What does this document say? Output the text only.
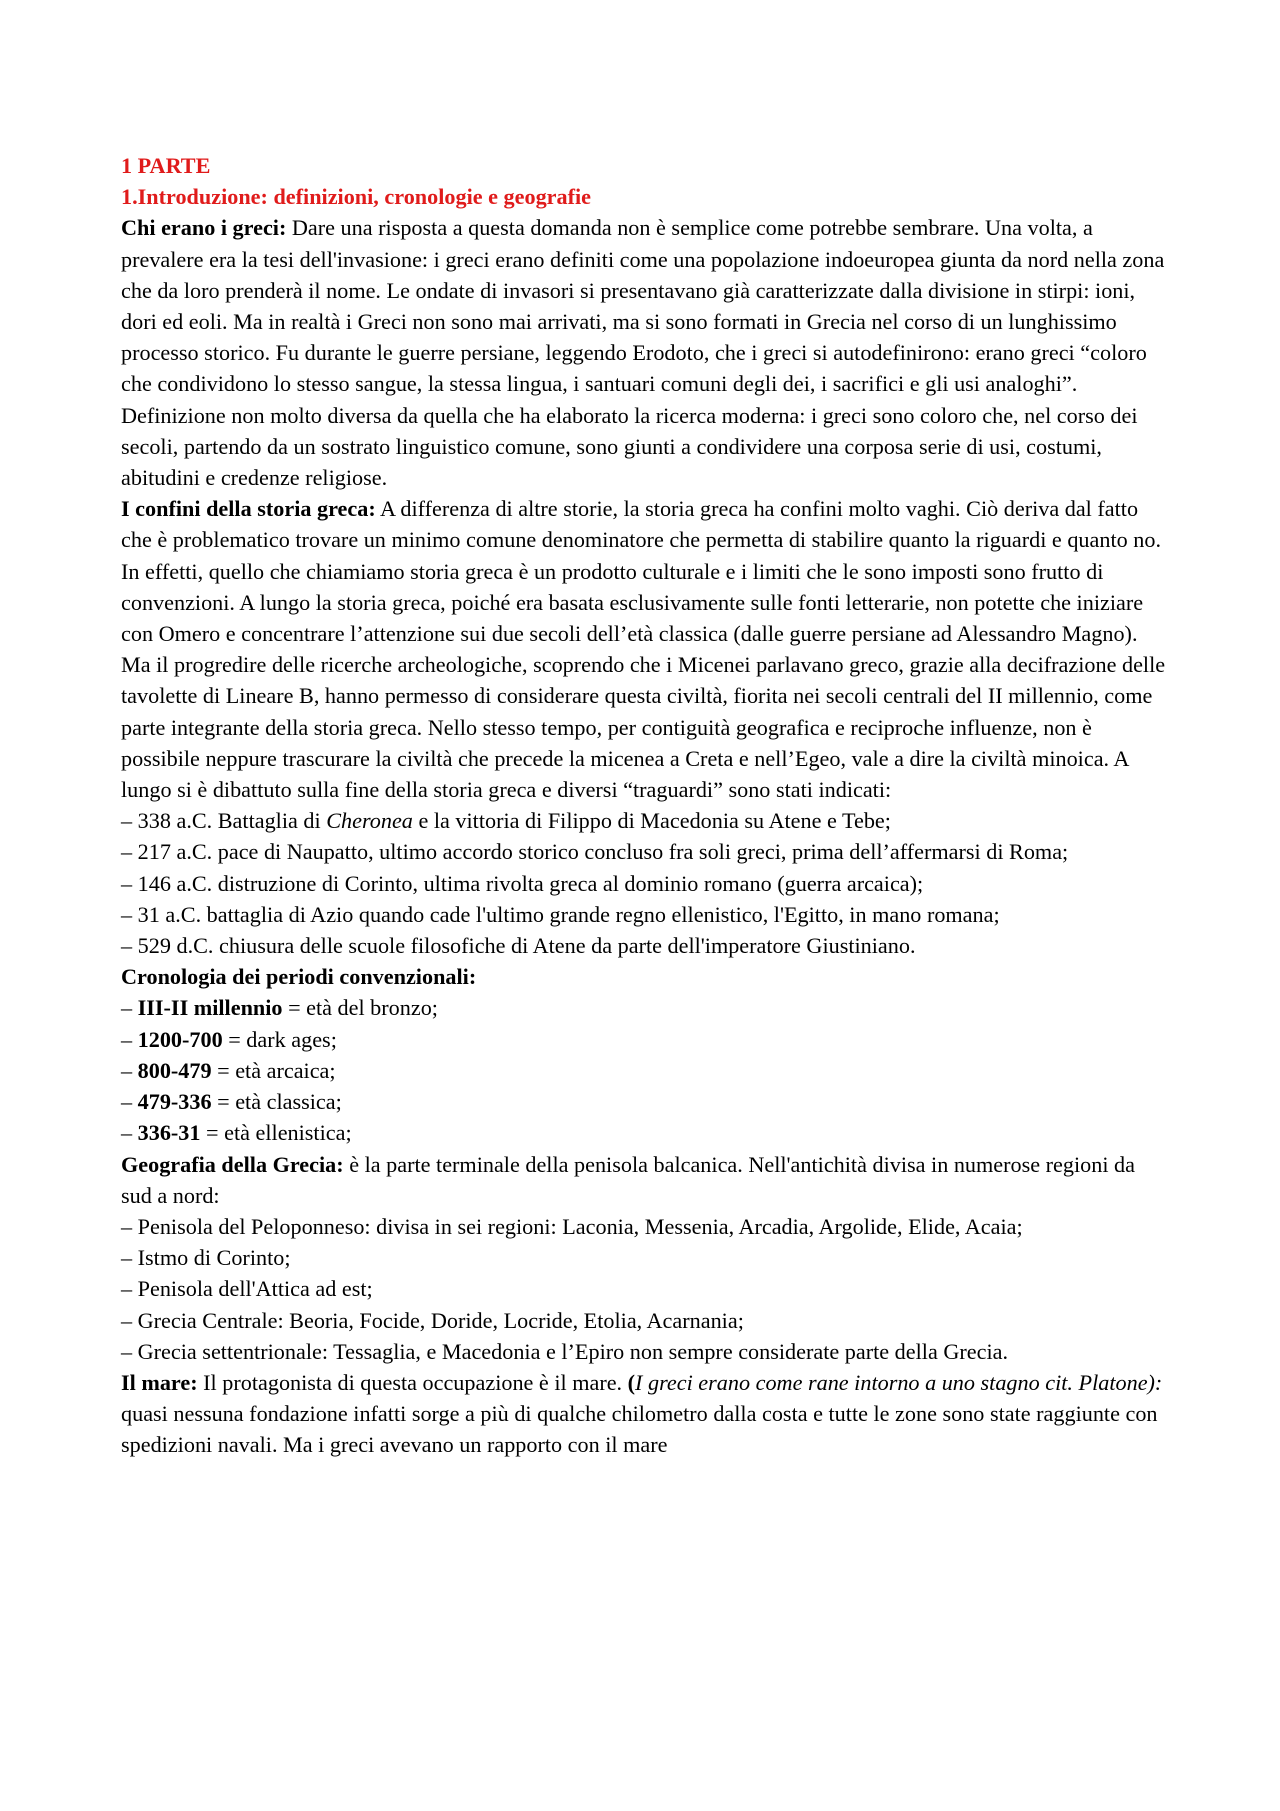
1 PARTE
1.Introduzione: definizioni, cronologie e geografie

Chi erano i greci: Dare una risposta a questa domanda non è semplice come potrebbe sembrare. Una volta, a prevalere era la tesi dell'invasione: i greci erano definiti come una popolazione indoeuropea giunta da nord nella zona che da loro prenderà il nome. Le ondate di invasori si presentavano già caratterizzate dalla divisione in stirpi: ioni, dori ed eoli. Ma in realtà i Greci non sono mai arrivati, ma si sono formati in Grecia nel corso di un lunghissimo processo storico. Fu durante le guerre persiane, leggendo Erodoto, che i greci si autodefinirono: erano greci “coloro che condividono lo stesso sangue, la stessa lingua, i santuari comuni degli dei, i sacrifici e gli usi analoghi”. Definizione non molto diversa da quella che ha elaborato la ricerca moderna: i greci sono coloro che, nel corso dei secoli, partendo da un sostrato linguistico comune, sono giunti a condividere una corposa serie di usi, costumi, abitudini e credenze religiose.

I confini della storia greca: A differenza di altre storie, la storia greca ha confini molto vaghi. Ciò deriva dal fatto che è problematico trovare un minimo comune denominatore che permetta di stabilire quanto la riguardi e quanto no. In effetti, quello che chiamiamo storia greca è un prodotto culturale e i limiti che le sono imposti sono frutto di convenzioni. A lungo la storia greca, poiché era basata esclusivamente sulle fonti letterarie, non potette che iniziare con Omero e concentrare l’attenzione sui due secoli dell’età classica (dalle guerre persiane ad Alessandro Magno). Ma il progredire delle ricerche archeologiche, scoprendo che i Micenei parlavano greco, grazie alla decifrazione delle tavolette di Lineare B, hanno permesso di considerare questa civiltà, fiorita nei secoli centrali del II millennio, come parte integrante della storia greca. Nello stesso tempo, per contiguità geografica e reciproche influenze, non è possibile neppure trascurare la civiltà che precede la micenea a Creta e nell’Egeo, vale a dire la civiltà minoica. A lungo si è dibattuto sulla fine della storia greca e diversi “traguardi” sono stati indicati:

– 338 a.C. Battaglia di Cheronea e la vittoria di Filippo di Macedonia su Atene e Tebe;
– 217 a.C. pace di Naupatto, ultimo accordo storico concluso fra soli greci, prima dell’affermarsi di Roma;
– 146 a.C. distruzione di Corinto, ultima rivolta greca al dominio romano (guerra arcaica);
– 31 a.C. battaglia di Azio quando cade l'ultimo grande regno ellenistico, l'Egitto, in mano romana;
– 529 d.C. chiusura delle scuole filosofiche di Atene da parte dell'imperatore Giustiniano.
Cronologia dei periodi convenzionali:
– III-II millennio = età del bronzo;
– 1200-700 = dark ages;
– 800-479 = età arcaica;
– 479-336 = età classica;
– 336-31 = età ellenistica;

Geografia della Grecia: è la parte terminale della penisola balcanica. Nell'antichità divisa in numerose regioni da sud a nord:

– Penisola del Peloponneso: divisa in sei regioni: Laconia, Messenia, Arcadia, Argolide, Elide, Acaia;
– Istmo di Corinto;
– Penisola dell'Attica ad est;
– Grecia Centrale: Beoria, Focide, Doride, Locride, Etolia, Acarnania;
– Grecia settentrionale: Tessaglia, e Macedonia e l’Epiro non sempre considerate parte della Grecia.

Il mare: Il protagonista di questa occupazione è il mare. (I greci erano come rane intorno a uno stagno cit. Platone): quasi nessuna fondazione infatti sorge a più di qualche chilometro dalla costa e tutte le zone sono state raggiunte con spedizioni navali. Ma i greci avevano un rapporto con il mare
